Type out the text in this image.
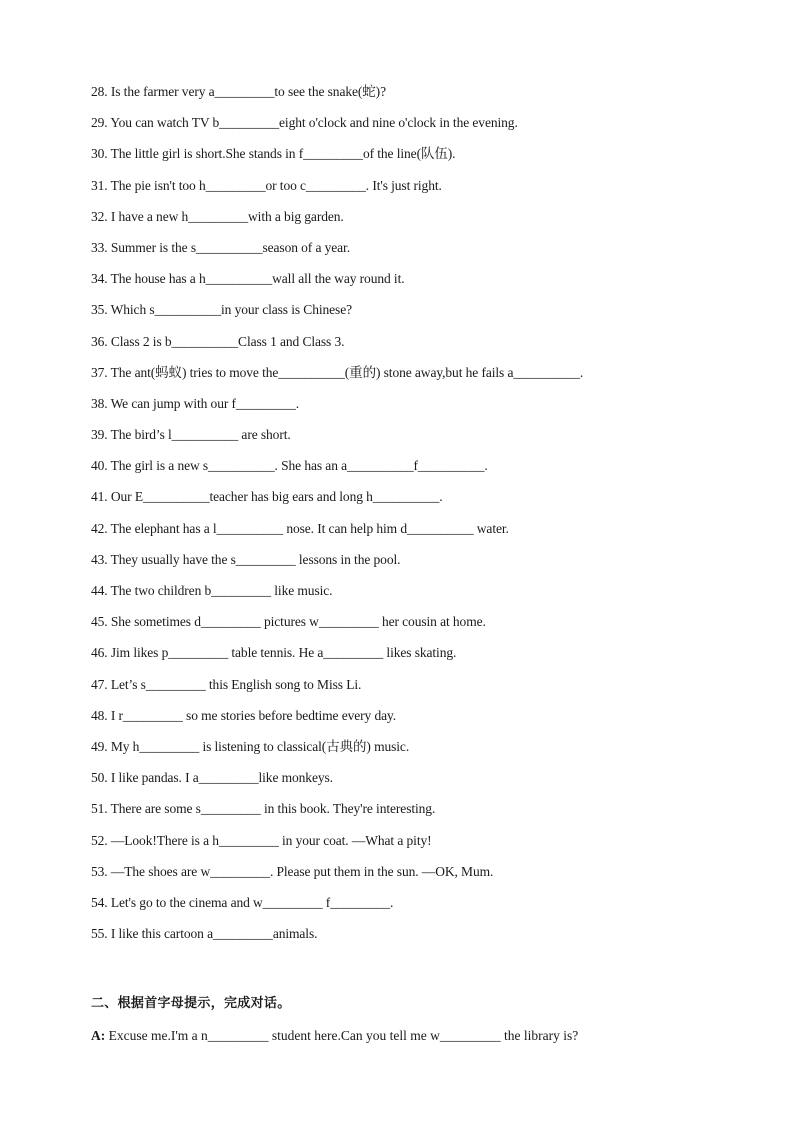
28. Is the farmer very a_________to see the snake(蛇)?
29. You can watch TV b_________eight o'clock and nine o'clock in the evening.
30. The little girl is short.She stands in f_________of the line(队伍).
31. The pie isn't too h_________or too c_________. It's just right.
32. I have a new h_________with a big garden.
33. Summer is the s__________season of a year.
34. The house has a h__________wall all the way round it.
35. Which s__________in your class is Chinese?
36. Class 2 is b__________Class 1 and Class 3.
37. The ant(蚂蚁) tries to move the__________(重的) stone away,but he fails a__________.
38. We can jump with our f_________.
39. The bird’s l__________ are short.
40. The girl is a new s__________. She has an a__________f__________.
41. Our E__________teacher has big ears and long h__________.
42. The elephant has a l__________ nose. It can help him d__________ water.
43. They usually have the s_________ lessons in the pool.
44. The two children b_________ like music.
45. She sometimes d_________ pictures w_________ her cousin at home.
46. Jim likes p_________ table tennis. He a_________ likes skating.
47. Let’s s_________ this English song to Miss Li.
48. I r_________ so me stories before bedtime every day.
49. My h_________ is listening to classical(古典的) music.
50. I like pandas. I a_________like monkeys.
51. There are some s_________ in this book. They're interesting.
52. —Look!There is a h_________ in your coat. —What a pity!
53. —The shoes are w_________. Please put them in the sun. —OK, Mum.
54. Let's go to the cinema and w_________ f_________.
55. I like this cartoon a_________animals.
二、根据首字母提示，完成对话。
A: Excuse me.I'm a n_________ student here.Can you tell me w_________ the library is?
